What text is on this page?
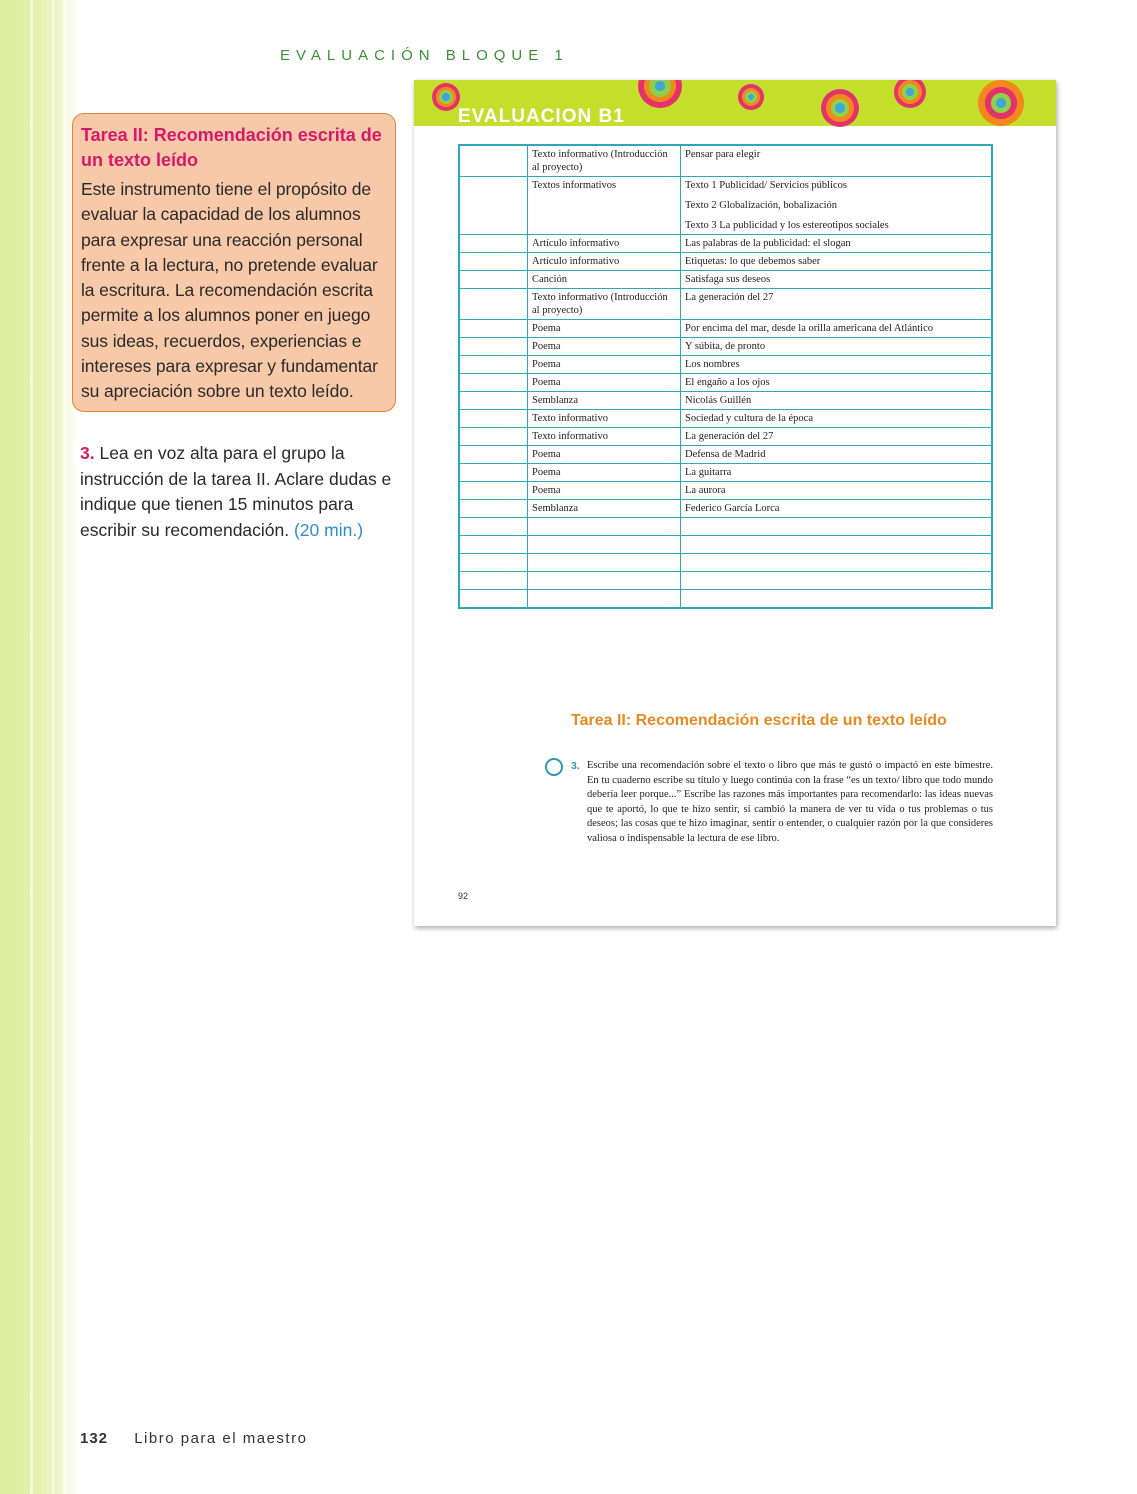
EVALUACIÓN BLOQUE 1
Tarea II: Recomendación escrita de un texto leído
Este instrumento tiene el propósito de evaluar la capacidad de los alumnos para expresar una reacción personal frente a la lectura, no pretende evaluar la escritura. La recomendación escrita permite a los alumnos poner en juego sus ideas, recuerdos, experiencias e intereses para expresar y fundamentar su apreciación sobre un texto leído.
3. Lea en voz alta para el grupo la instrucción de la tarea II. Aclare dudas e indique que tienen 15 minutos para escribir su recomendación. (20 min.)
EVALUACION B1
	Texto informativo (Introducción al proyecto)	Pensar para elegir

	Textos informativos	Texto 1 Publicidad/ Servicios públicos

Texto 2 Globalización, bobalización

Texto 3 La publicidad y los estereotipos sociales

	Artículo informativo	Las palabras de la publicidad: el slogan

	Artículo informativo	Etiquetas: lo que debemos saber

	Canción	Satisfaga sus deseos

	Texto informativo (Introducción al proyecto)	La generación del 27

	Poema	Por encima del mar, desde la orilla americana del Atlántico

	Poema	Y súbita, de pronto

	Poema	Los nombres

	Poema	El engaño a los ojos

	Semblanza	Nicolás Guillén

	Texto informativo	Sociedad y cultura de la época

	Texto informativo	La generación del 27

	Poema	Defensa de Madrid

	Poema	La guitarra

	Poema	La aurora

	Semblanza	Federico García Lorca

Tarea II: Recomendación escrita de un texto leído
3. Escribe una recomendación sobre el texto o libro que más te gustó o impactó en este bimestre. En tu cuaderno escribe su título y luego continúa con la frase “es un texto/ libro que todo mundo debería leer porque...” Escribe las razones más importantes para recomendarlo: las ideas nuevas que te aportó, lo que te hizo sentir, si cambió la manera de ver tu vida o tus problemas o tus deseos; las cosas que te hizo imaginar, sentir o entender, o cualquier razón por la que consideres valiosa o indispensable la lectura de ese libro.
92
132 Libro para el maestro
